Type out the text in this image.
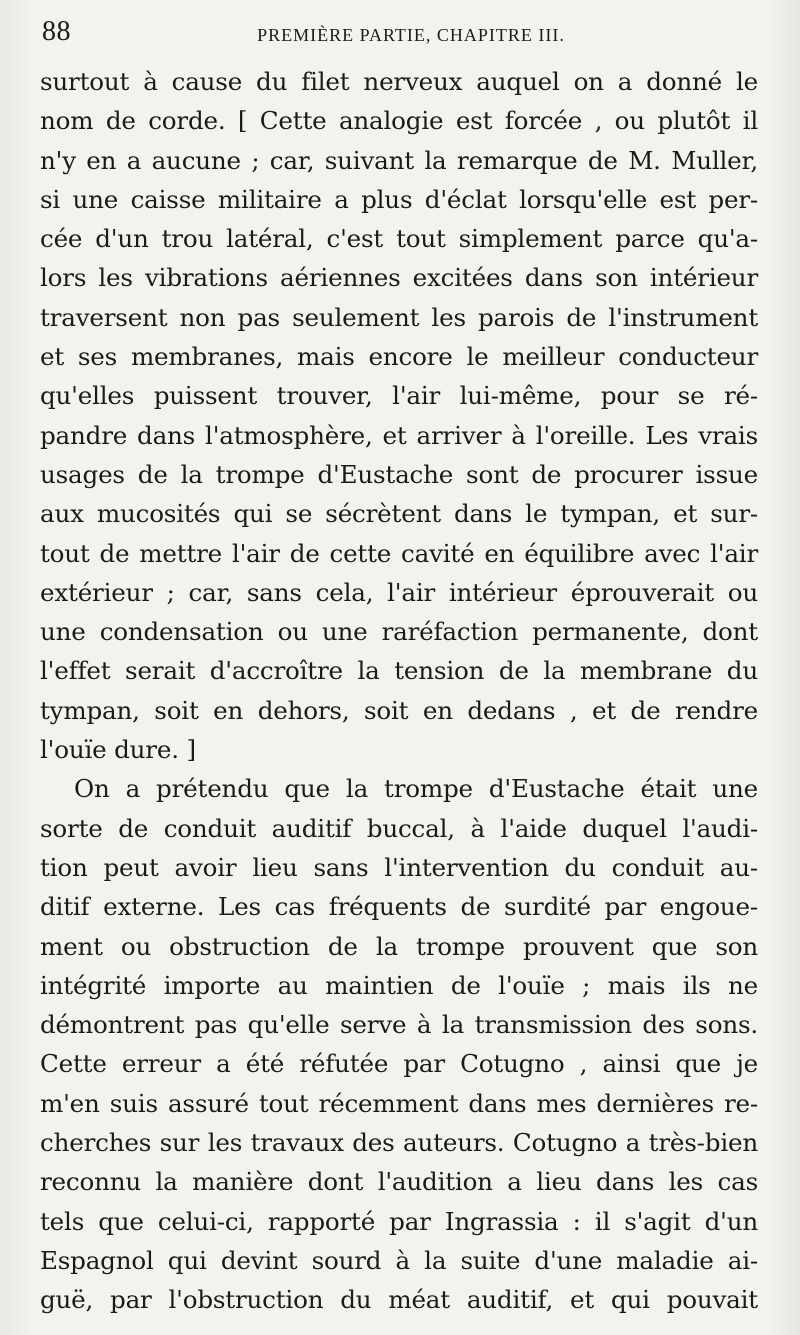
88	PREMIÈRE PARTIE, CHAPITRE III.
surtout à cause du filet nerveux auquel on a donné le
nom de corde. [ Cette analogie est forcée , ou plutôt il
n'y en a aucune ; car, suivant la remarque de M. Muller,
si une caisse militaire a plus d'éclat lorsqu'elle est per-
cée d'un trou latéral, c'est tout simplement parce qu'a-
lors les vibrations aériennes excitées dans son intérieur
traversent non pas seulement les parois de l'instrument
et ses membranes, mais encore le meilleur conducteur
qu'elles puissent trouver, l'air lui-même, pour se ré-
pandre dans l'atmosphère, et arriver à l'oreille. Les vrais
usages de la trompe d'Eustache sont de procurer issue
aux mucosités qui se sécrètent dans le tympan, et sur-
tout de mettre l'air de cette cavité en équilibre avec l'air
extérieur ; car, sans cela, l'air intérieur éprouverait ou
une condensation ou une raréfaction permanente, dont
l'effet serait d'accroître la tension de la membrane du
tympan, soit en dehors, soit en dedans , et de rendre
l'ouïe dure. ]
On a prétendu que la trompe d'Eustache était une
sorte de conduit auditif buccal, à l'aide duquel l'audi-
tion peut avoir lieu sans l'intervention du conduit au-
ditif externe. Les cas fréquents de surdité par engoue-
ment ou obstruction de la trompe prouvent que son
intégrité importe au maintien de l'ouïe ; mais ils ne
démontrent pas qu'elle serve à la transmission des sons.
Cette erreur a été réfutée par Cotugno , ainsi que je
m'en suis assuré tout récemment dans mes dernières re-
cherches sur les travaux des auteurs. Cotugno a très-bien
reconnu la manière dont l'audition a lieu dans les cas
tels que celui-ci, rapporté par Ingrassia : il s'agit d'un
Espagnol qui devint sourd à la suite d'une maladie ai-
guë, par l'obstruction du méat auditif, et qui pouvait
